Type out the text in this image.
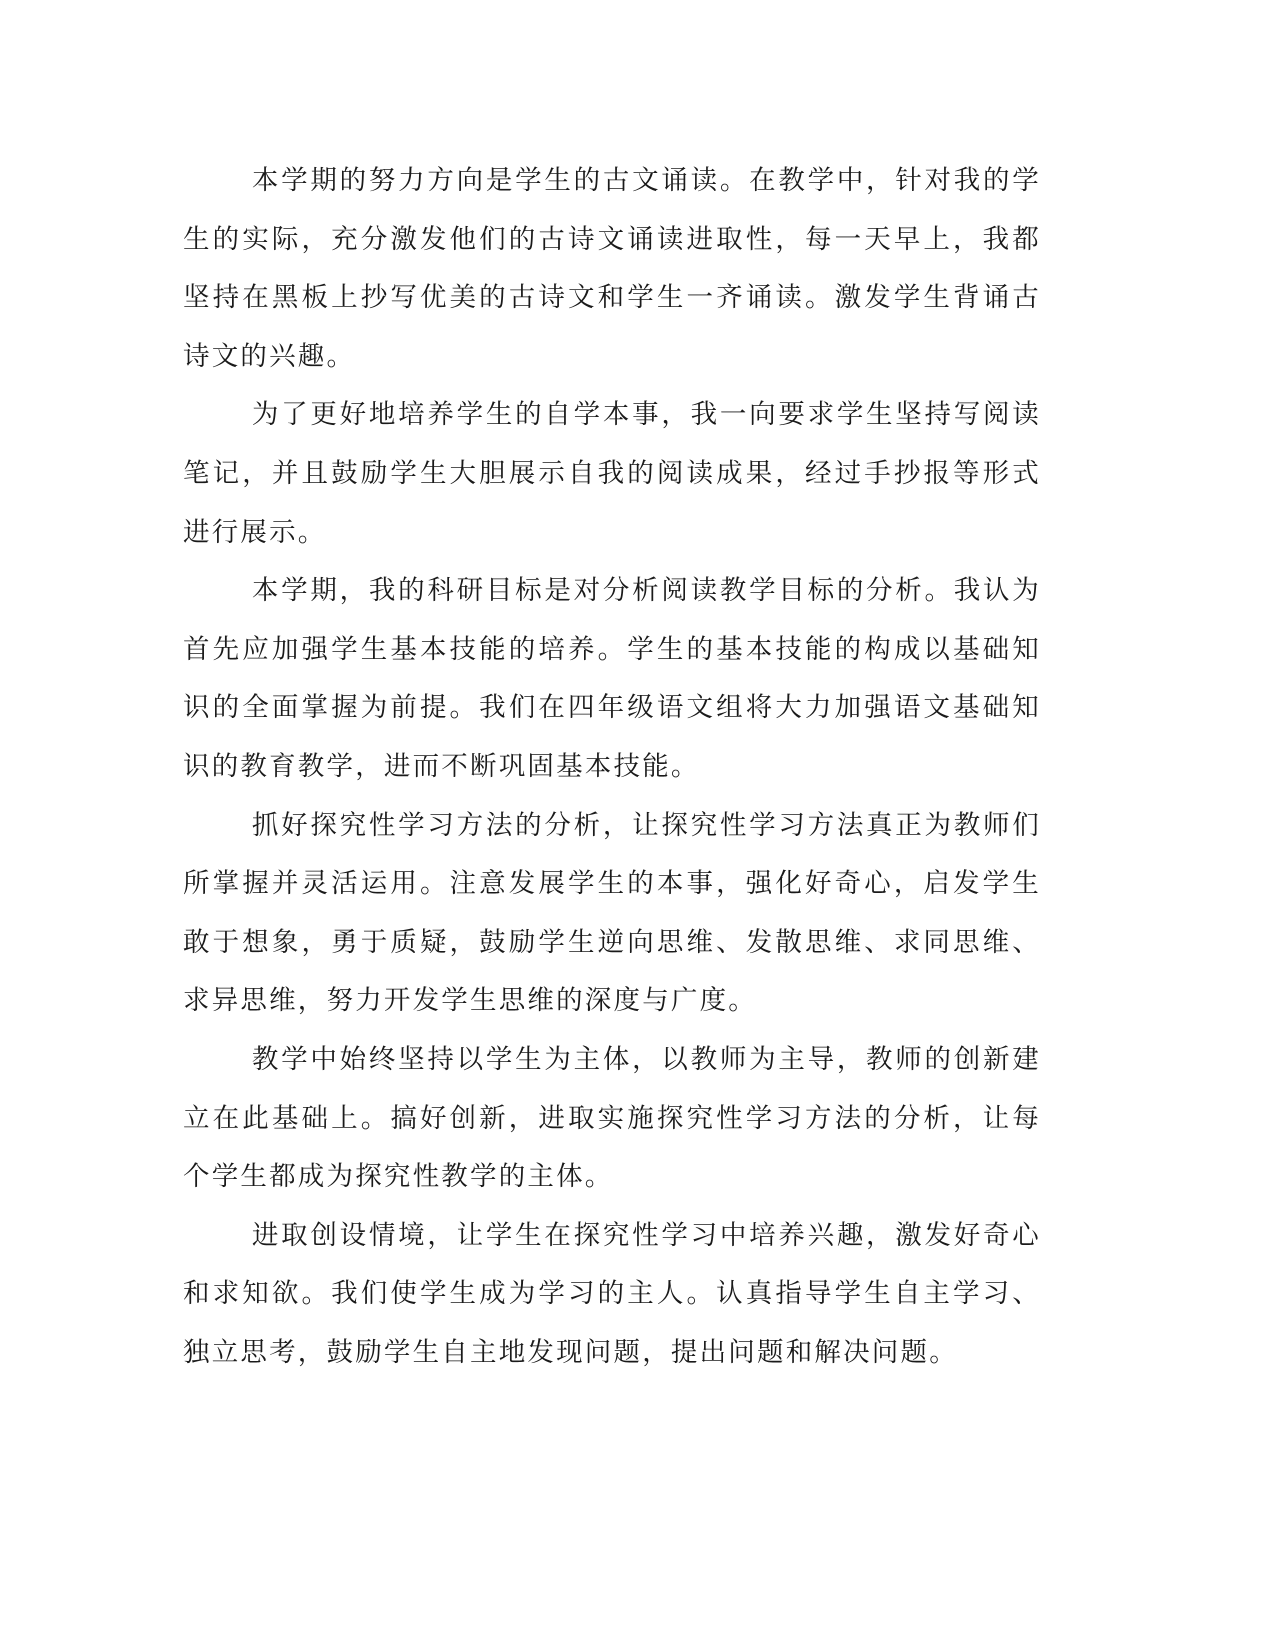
本学期的努力方向是学生的古文诵读。在教学中，针对我的学生的实际，充分激发他们的古诗文诵读进取性，每一天早上，我都坚持在黑板上抄写优美的古诗文和学生一齐诵读。激发学生背诵古诗文的兴趣。

为了更好地培养学生的自学本事，我一向要求学生坚持写阅读笔记，并且鼓励学生大胆展示自我的阅读成果，经过手抄报等形式进行展示。

本学期，我的科研目标是对分析阅读教学目标的分析。我认为首先应加强学生基本技能的培养。学生的基本技能的构成以基础知识的全面掌握为前提。我们在四年级语文组将大力加强语文基础知识的教育教学，进而不断巩固基本技能。

抓好探究性学习方法的分析，让探究性学习方法真正为教师们所掌握并灵活运用。注意发展学生的本事，强化好奇心，启发学生敢于想象，勇于质疑，鼓励学生逆向思维、发散思维、求同思维、求异思维，努力开发学生思维的深度与广度。

教学中始终坚持以学生为主体，以教师为主导，教师的创新建立在此基础上。搞好创新，进取实施探究性学习方法的分析，让每个学生都成为探究性教学的主体。

进取创设情境，让学生在探究性学习中培养兴趣，激发好奇心和求知欲。我们使学生成为学习的主人。认真指导学生自主学习、独立思考，鼓励学生自主地发现问题，提出问题和解决问题。
